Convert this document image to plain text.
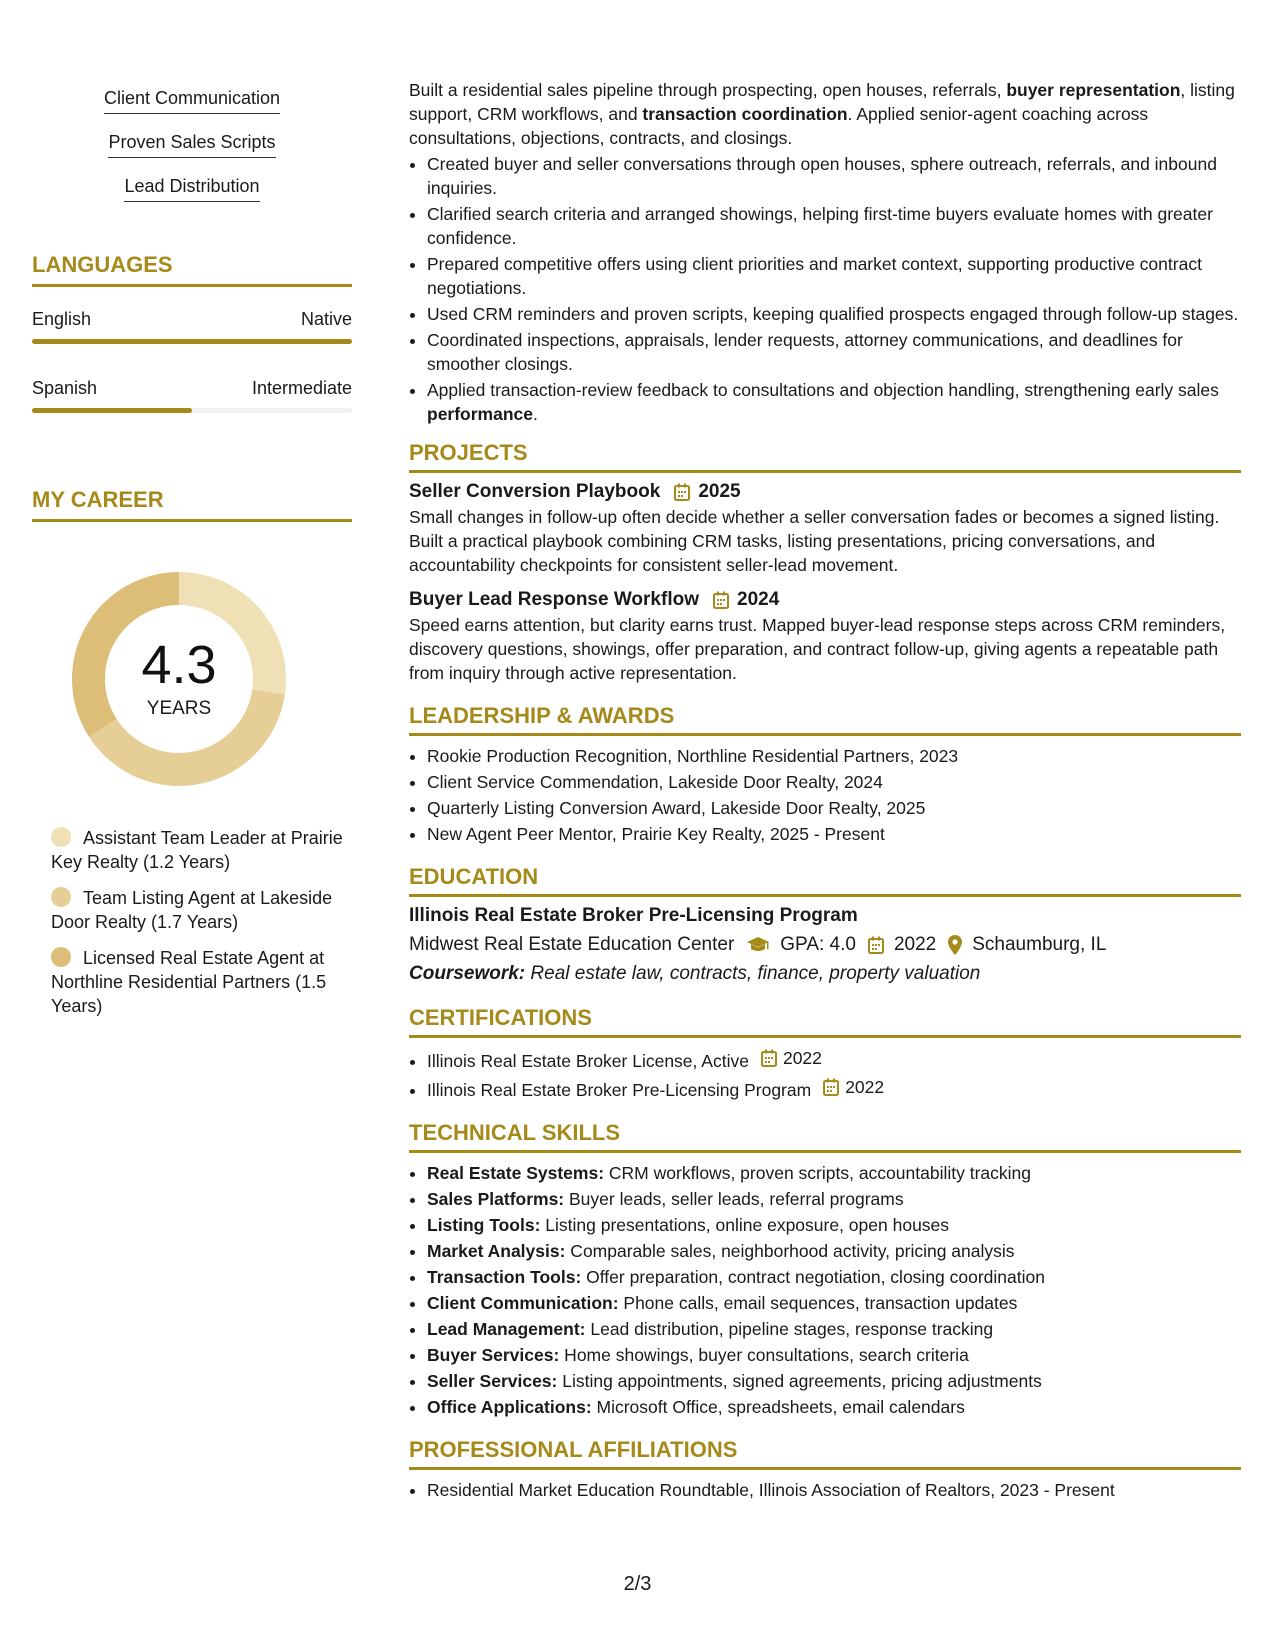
Client Communication
Proven Sales Scripts
Lead Distribution
LANGUAGES
English	Native
Spanish	Intermediate
MY CAREER
4.3
YEARS
Assistant Team Leader at Prairie Key Realty (1.2 Years)
Team Listing Agent at Lakeside Door Realty (1.7 Years)
Licensed Real Estate Agent at Northline Residential Partners (1.5 Years)

Built a residential sales pipeline through prospecting, open houses, referrals, buyer representation, listing support, CRM workflows, and transaction coordination. Applied senior-agent coaching across consultations, objections, contracts, and closings.

• Created buyer and seller conversations through open houses, sphere outreach, referrals, and inbound inquiries.
• Clarified search criteria and arranged showings, helping first-time buyers evaluate homes with greater confidence.
• Prepared competitive offers using client priorities and market context, supporting productive contract negotiations.
• Used CRM reminders and proven scripts, keeping qualified prospects engaged through follow-up stages.
• Coordinated inspections, appraisals, lender requests, attorney communications, and deadlines for smoother closings.
• Applied transaction-review feedback to consultations and objection handling, strengthening early sales performance.
PROJECTS
Seller Conversion Playbook 2025

Small changes in follow-up often decide whether a seller conversation fades or becomes a signed listing. Built a practical playbook combining CRM tasks, listing presentations, pricing conversations, and accountability checkpoints for consistent seller-lead movement.

Buyer Lead Response Workflow 2024

Speed earns attention, but clarity earns trust. Mapped buyer-lead response steps across CRM reminders, discovery questions, showings, offer preparation, and contract follow-up, giving agents a repeatable path from inquiry through active representation.

LEADERSHIP & AWARDS
• Rookie Production Recognition, Northline Residential Partners, 2023
• Client Service Commendation, Lakeside Door Realty, 2024
• Quarterly Listing Conversion Award, Lakeside Door Realty, 2025
• New Agent Peer Mentor, Prairie Key Realty, 2025 - Present
EDUCATION
Illinois Real Estate Broker Pre-Licensing Program
Midwest Real Estate Education Center GPA: 4.0 2022 Schaumburg, IL
Coursework: Real estate law, contracts, finance, property valuation
CERTIFICATIONS
• Illinois Real Estate Broker License, Active 2022
• Illinois Real Estate Broker Pre-Licensing Program 2022
TECHNICAL SKILLS
• Real Estate Systems: CRM workflows, proven scripts, accountability tracking
• Sales Platforms: Buyer leads, seller leads, referral programs
• Listing Tools: Listing presentations, online exposure, open houses
• Market Analysis: Comparable sales, neighborhood activity, pricing analysis
• Transaction Tools: Offer preparation, contract negotiation, closing coordination
• Client Communication: Phone calls, email sequences, transaction updates
• Lead Management: Lead distribution, pipeline stages, response tracking
• Buyer Services: Home showings, buyer consultations, search criteria
• Seller Services: Listing appointments, signed agreements, pricing adjustments
• Office Applications: Microsoft Office, spreadsheets, email calendars
PROFESSIONAL AFFILIATIONS
• Residential Market Education Roundtable, Illinois Association of Realtors, 2023 - Present
2/3
